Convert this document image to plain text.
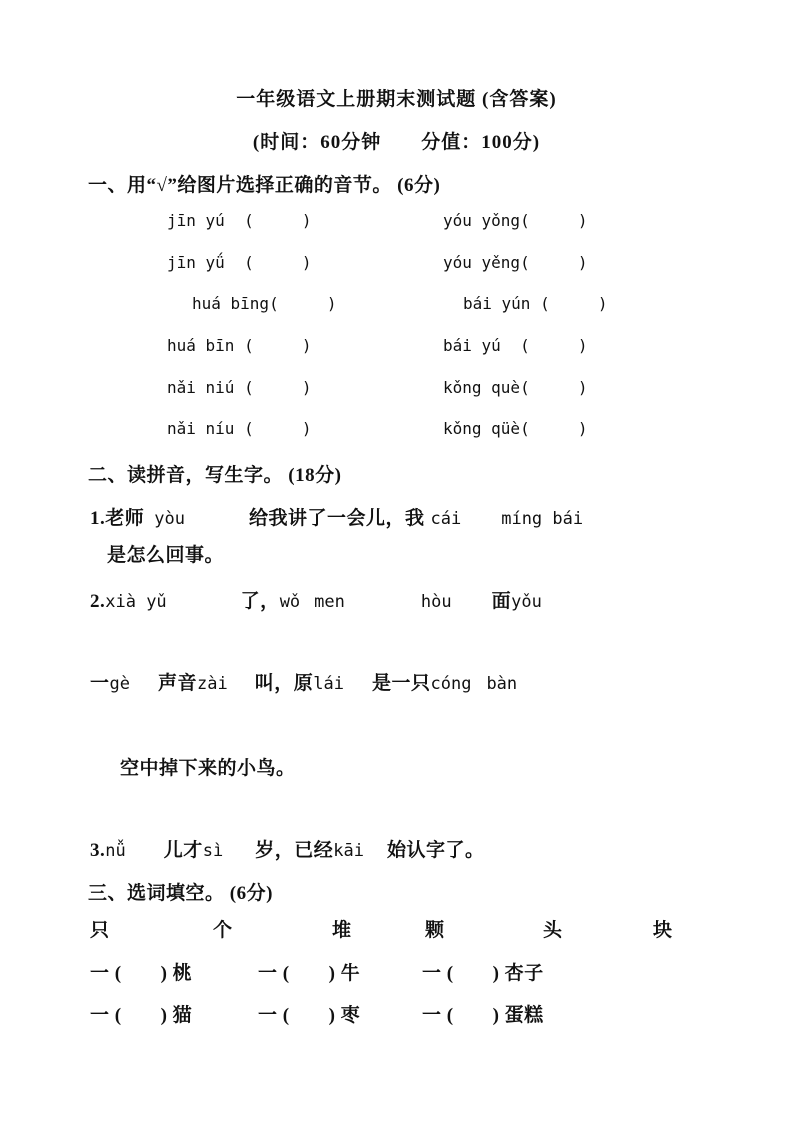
一年级语文上册期末测试题 (含答案)
(时间：60分钟　　分值：100分)
一、用“√”给图片选择正确的音节。 (6分)
jīn yú  (     )	yóu yǒng(     )
jīn yǘ  (     )	yóu yěng(     )
huá bīng(     )	bái yún (     )
huá bīn (     )	bái yú  (     )
nǎi niú (     )	kǒng què(     )
nǎi níu (     )	kǒng qüè(     )
二、读拼音，写生字。 (18分)
1.老师 yòu	给我讲了一会儿，我 cái míng bái
是怎么回事。
2.xià yǔ	了，wǒ men	hòu 面yǒu
一gè 声音zài 叫，原lái 是一只cóng bàn
空中掉下来的小鸟。
3.nǚ 儿才sì 岁，已经kāi 始认字了。
三、选词填空。 (6分)
只	个	堆	颗	头	块
一 (　　) 桃	一 (　　) 牛	一 (　　) 杏子
一 (　　) 猫	一 (　　) 枣	一 (　　) 蛋糕
